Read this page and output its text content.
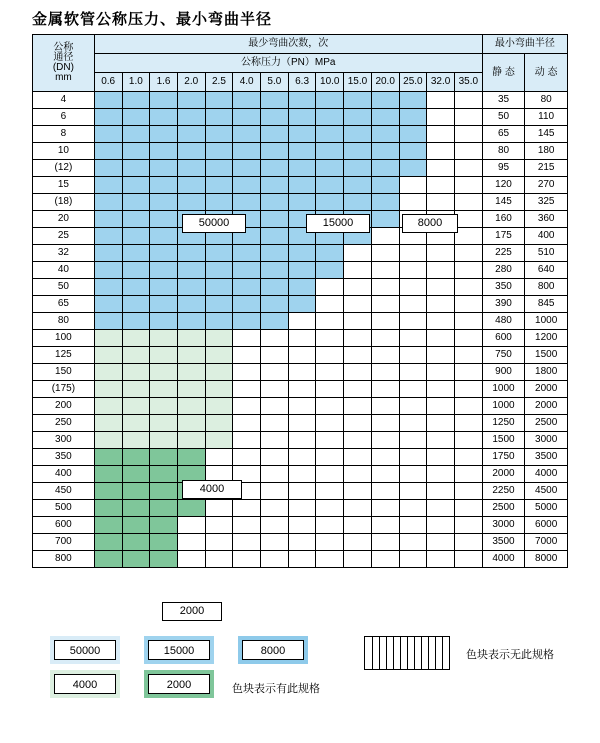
金属软管公称压力、最小弯曲半径
公称
通径
(DN)
mm	最少弯曲次数，次														最小弯曲半径	
	公称压力（PN）MPa														静 态	动 态
	0.6	1.0	1.6	2.0	2.5	4.0	5.0	6.3	10.0	15.0	20.0	25.0	32.0	35.0		
4															35	80
6															50	110
8															65	145
10															80	180
(12)															95	215
15															120	270
(18)															145	325
20															160	360
25															175	400
32															225	510
40															280	640
50															350	800
65															390	845
80															480	1000
100															600	1200
125															750	1500
150															900	1800
(175)															1000	2000
200															1000	2000
250															1250	2500
300															1500	3000
350															1750	3500
400															2000	4000
450															2250	4500
500															2500	5000
600															3000	6000
700															3500	7000
800															4000	8000
50000	15000	8000
4000
2000
50000	15000	8000	色块表示无此规格
4000	2000	色块表示有此规格
